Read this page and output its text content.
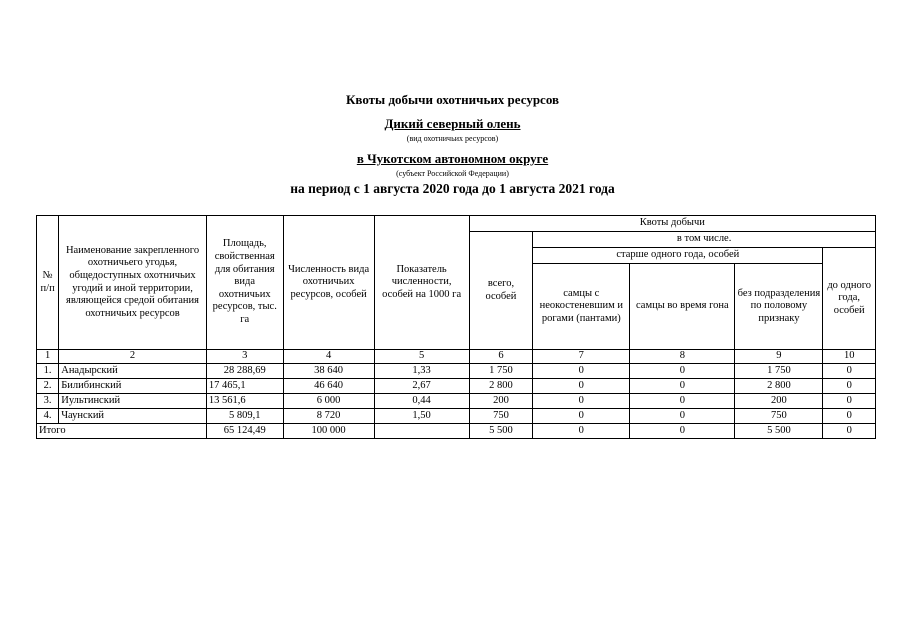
Квоты добычи охотничьих ресурсов
Дикий северный олень
(вид охотничьих ресурсов)
в Чукотском автономном округе
(субъект Российской Федерации)
на период с 1 августа 2020 года до 1 августа 2021 года
№ п/п	Наименование закрепленного охотничьего угодья, общедоступных охотничьих угодий и иной территории, являющейся средой обитания охотничьих ресурсов	Площадь, свойственная для обитания вида охотничьих ресурсов, тыс. га	Численность вида охотничьих ресурсов, особей	Показатель численности, особей на 1000 га	Квоты добычи				
					всего, особей	в том числе.			
						старше одного года, особей			до одного года, особей
						самцы с неокостеневшим и рогами (пантами)	самцы во время гона	без подразделения по половому признаку	
1	2	3	4	5	6	7	8	9	10
1.	Анадырский	28 288,69	38 640	1,33	1 750	0	0	1 750	0
2.	Билибинский	17 465,1	46 640	2,67	2 800	0	0	2 800	0
3.	Иультинский	13 561,6	6 000	0,44	200	0	0	200	0
4.	Чаунский	5 809,1	8 720	1,50	750	0	0	750	0
Итого		65 124,49	100 000		5 500	0	0	5 500	0
